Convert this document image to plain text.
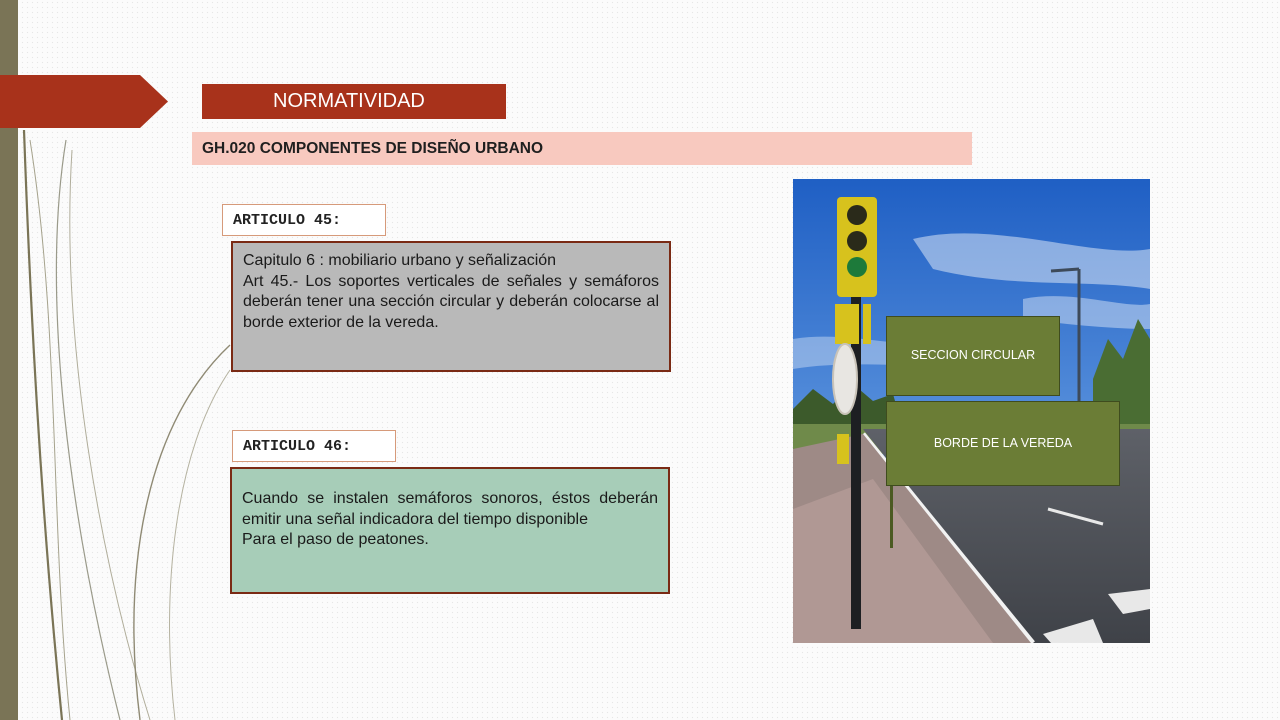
NORMATIVIDAD
GH.020 COMPONENTES DE DISEÑO URBANO
ARTICULO 45:

Capitulo 6 : mobiliario urbano y señalización

Art 45.- Los soportes verticales de señales y semáforos deberán tener una sección circular y deberán colocarse al borde exterior de la vereda.

ARTICULO 46:

Cuando se instalen semáforos sonoros, éstos deberán emitir una señal indicadora del tiempo disponible

Para el paso de peatones.

SECCION CIRCULAR
BORDE DE LA VEREDA
